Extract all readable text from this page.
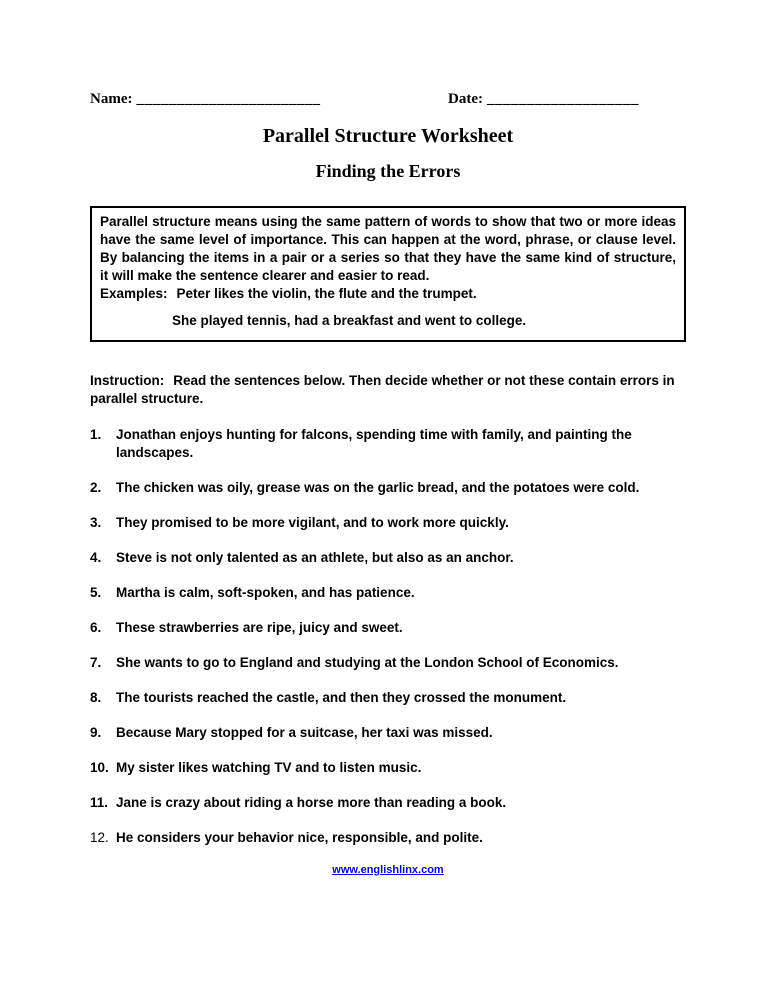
Name: _______________________	Date: ___________________
Parallel Structure Worksheet
Finding the Errors

Parallel structure means using the same pattern of words to show that two or more ideas have the same level of importance. This can happen at the word, phrase, or clause level. By balancing the items in a pair or a series so that they have the same kind of structure, it will make the sentence clearer and easier to read.

Examples: Peter likes the violin, the flute and the trumpet.
She played tennis, had a breakfast and went to college.
Instruction: Read the sentences below. Then decide whether or not these contain errors in parallel structure.
1.	Jonathan enjoys hunting for falcons, spending time with family, and painting the landscapes.
2.	The chicken was oily, grease was on the garlic bread, and the potatoes were cold.
3.	They promised to be more vigilant, and to work more quickly.
4.	Steve is not only talented as an athlete, but also as an anchor.
5.	Martha is calm, soft-spoken, and has patience.
6.	These strawberries are ripe, juicy and sweet.
7.	She wants to go to England and studying at the London School of Economics.
8.	The tourists reached the castle, and then they crossed the monument.
9.	Because Mary stopped for a suitcase, her taxi was missed.
10. My sister likes watching TV and to listen music.
11. Jane is crazy about riding a horse more than reading a book.
12. He considers your behavior nice, responsible, and polite.
www.englishlinx.com
